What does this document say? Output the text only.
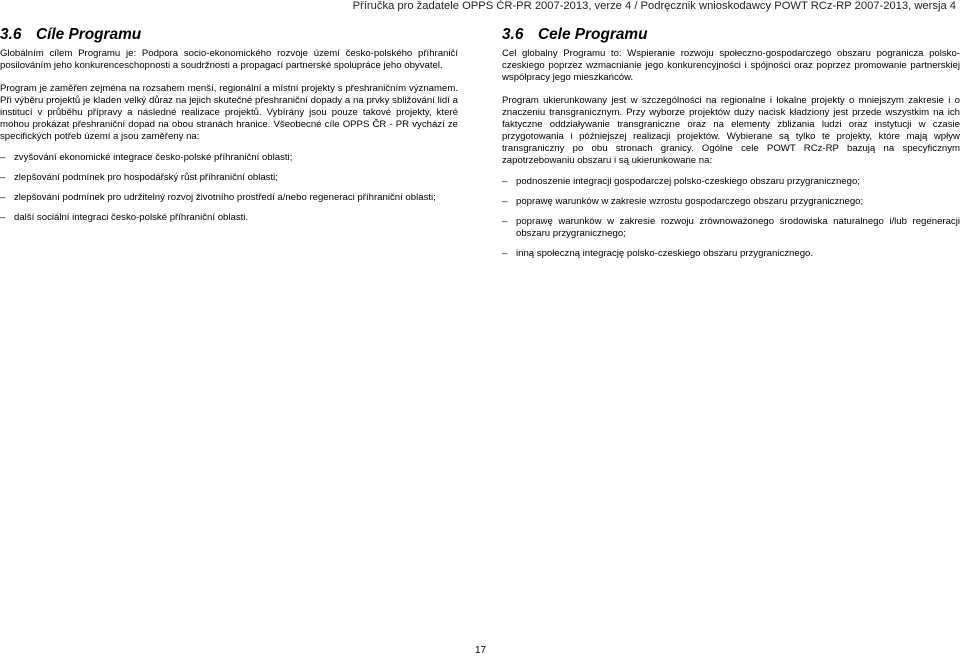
Příručka pro žadatele OPPS ČR-PR 2007-2013, verze 4 / Podręcznik wnioskodawcy POWT RCz-RP 2007-2013, wersja 4
3.6 Cíle Programu

Globálním cílem Programu je: Podpora socio-ekonomického rozvoje území česko-polského příhraničí posilováním jeho konkurenceschopnosti a soudržnosti a propagací partnerské spolupráce jeho obyvatel.

Program je zaměřen zejména na rozsahem menší, regionální a místní projekty s přeshraničním významem. Při výběru projektů je kladen velký důraz na jejich skutečné přeshraniční dopady a na prvky sbližování lidí a institucí v průběhu přípravy a následné realizace projektů. Vybírány jsou pouze takové projekty, které mohou prokázat přeshraniční dopad na obou stranách hranice. Všeobecné cíle OPPS ČR - PR vychází ze specifických potřeb území a jsou zaměřeny na:

– zvyšování ekonomické integrace česko-polské příhraniční oblasti;
– zlepšování podmínek pro hospodářský růst příhraniční oblasti;
– zlepšování podmínek pro udržitelný rozvoj životního prostředí a/nebo regeneraci příhraniční oblasti;
– další sociální integraci česko-polské příhraniční oblasti.
3.6 Cele Programu

Cel globalny Programu to: Wspieranie rozwoju społeczno-gospodarczego obszaru pogranicza polsko-czeskiego poprzez wzmacnianie jego konkurencyjności i spójności oraz poprzez promowanie partnerskiej współpracy jego mieszkańców.

Program ukierunkowany jest w szczególności na regionalne i lokalne projekty o mniejszym zakresie i o znaczeniu transgranicznym. Przy wyborze projektów duży nacisk kładziony jest przede wszystkim na ich faktyczne oddziaływanie transgraniczne oraz na elementy zbliżania ludzi oraz instytucji w czasie przygotowania i późniejszej realizacji projektów. Wybierane są tylko te projekty, które mają wpływ transgraniczny po obu stronach granicy. Ogólne cele POWT RCz-RP bazują na specyficznym zapotrzebowaniu obszaru i są ukierunkowane na:

– podnoszenie integracji gospodarczej polsko-czeskiego obszaru przygranicznego;
– poprawę warunków w zakresie wzrostu gospodarczego obszaru przygranicznego;
– poprawę warunków w zakresie rozwoju zrównoważonego środowiska naturalnego i/lub regeneracji obszaru przygranicznego;
– inną społeczną integrację polsko-czeskiego obszaru przygranicznego.
17
